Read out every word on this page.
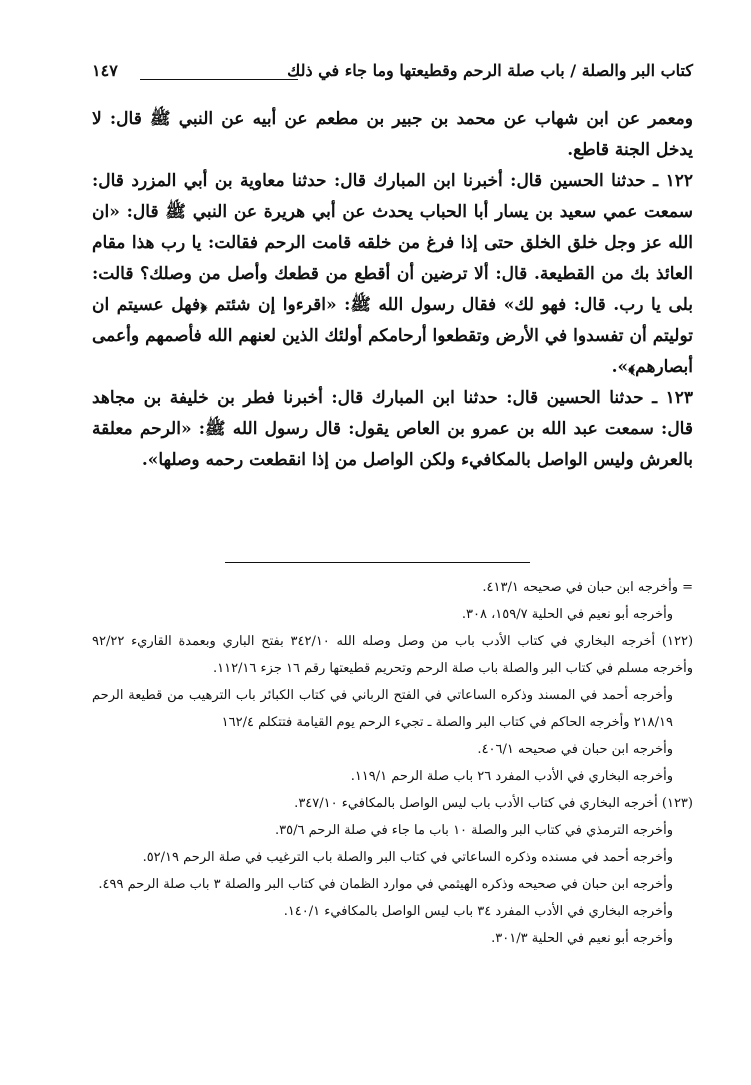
كتاب البر والصلة / باب صلة الرحم وقطيعتها وما جاء في ذلك
١٤٧

ومعمر عن ابن شهاب عن محمد بن جبير بن مطعم عن أبيه عن النبي ﷺ قال: لا يدخل الجنة قاطع.

١٢٢ ـ حدثنا الحسين قال: أخبرنا ابن المبارك قال: حدثنا معاوية بن أبي المزرد قال: سمعت عمي سعيد بن يسار أبا الحباب يحدث عن أبي هريرة عن النبي ﷺ قال: «ان الله عز وجل خلق الخلق حتى إذا فرغ من خلقه قامت الرحم فقالت: يا رب هذا مقام العائذ بك من القطيعة. قال: ألا ترضين أن أقطع من قطعك وأصل من وصلك؟ قالت: بلى يا رب. قال: فهو لك» فقال رسول الله ﷺ: «اقرءوا إن شئتم ﴿فهل عسيتم ان توليتم أن تفسدوا في الأرض وتقطعوا أرحامكم أولئك الذين لعنهم الله فأصمهم وأعمى أبصارهم﴾».

١٢٣ ـ حدثنا الحسين قال: حدثنا ابن المبارك قال: أخبرنا فطر بن خليفة بن مجاهد قال: سمعت عبد الله بن عمرو بن العاص يقول: قال رسول الله ﷺ: «الرحم معلقة بالعرش وليس الواصل بالمكافيء ولكن الواصل من إذا انقطعت رحمه وصلها».

= وأخرجه ابن حبان في صحيحه ٤١٣/١.

وأخرجه أبو نعيم في الحلية ١٥٩/٧، ٣٠٨.

(١٢٢) أخرجه البخاري في كتاب الأدب باب من وصل وصله الله ٣٤٢/١٠ بفتح الباري وبعمدة القاريء ٩٢/٢٢ وأخرجه مسلم في كتاب البر والصلة باب صلة الرحم وتحريم قطيعتها رقم ١٦ جزء ١١٢/١٦.

وأخرجه أحمد في المسند وذكره الساعاتي في الفتح الرباني في كتاب الكبائر باب الترهيب من قطيعة الرحم ٢١٨/١٩ وأخرجه الحاكم في كتاب البر والصلة ـ تجيء الرحم يوم القيامة فتتكلم ١٦٢/٤

وأخرجه ابن حبان في صحيحه ٤٠٦/١.

وأخرجه البخاري في الأدب المفرد ٢٦ باب صلة الرحم ١١٩/١.

(١٢٣) أخرجه البخاري في كتاب الأدب باب ليس الواصل بالمكافيء ٣٤٧/١٠.

وأخرجه الترمذي في كتاب البر والصلة ١٠ باب ما جاء في صلة الرحم ٣٥/٦.

وأخرجه أحمد في مسنده وذكره الساعاتي في كتاب البر والصلة باب الترغيب في صلة الرحم ٥٢/١٩.

وأخرجه ابن حبان في صحيحه وذكره الهيثمي في موارد الظمان في كتاب البر والصلة ٣ باب صلة الرحم ٤٩٩.

وأخرجه البخاري في الأدب المفرد ٣٤ باب ليس الواصل بالمكافيء ١٤٠/١.

وأخرجه أبو نعيم في الحلية ٣٠١/٣.
